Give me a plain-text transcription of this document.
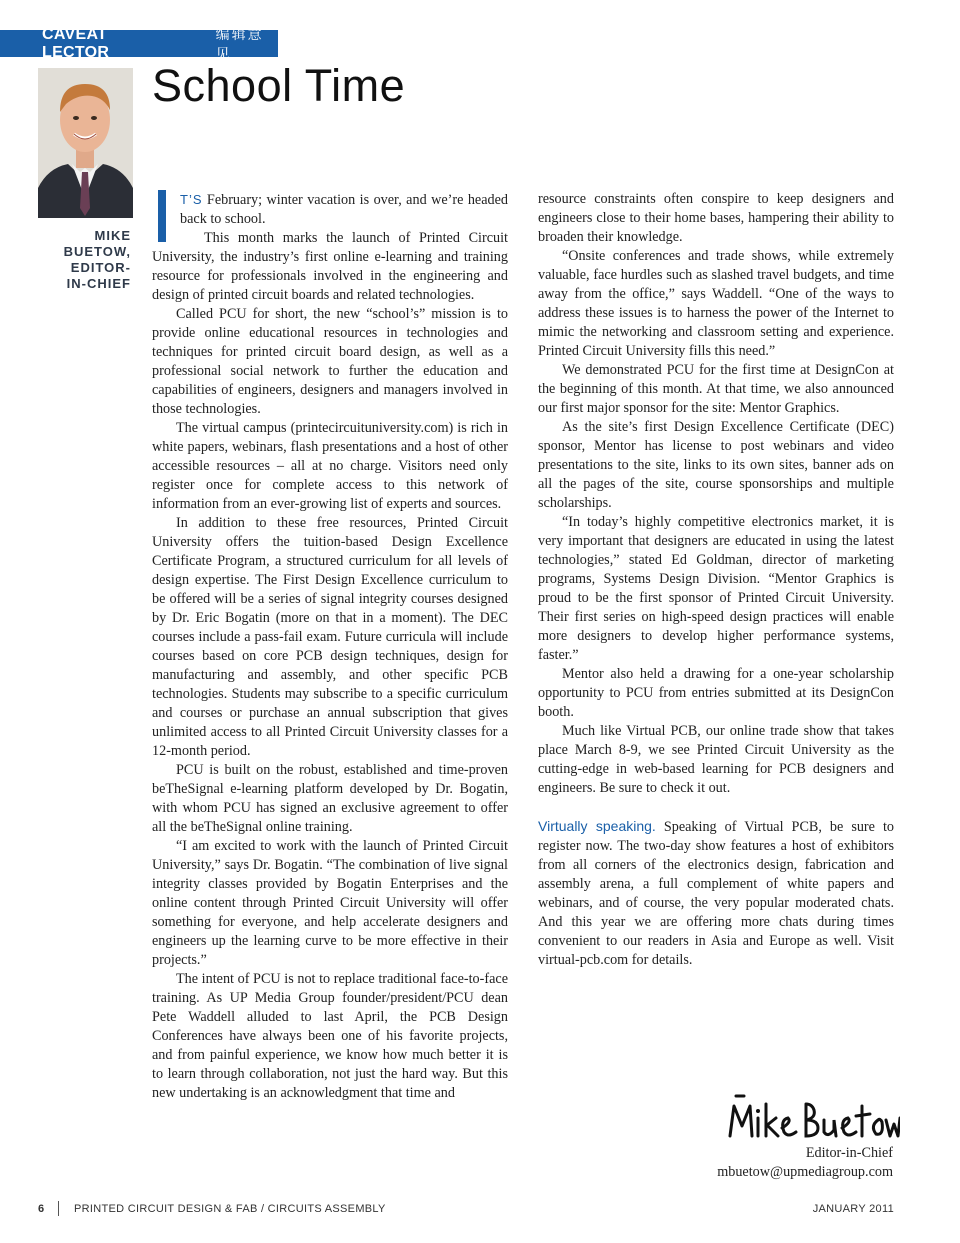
CAVEAT LECTOR
编辑意见
School Time
MIKE
BUETOW,
EDITOR-
IN-CHIEF

T’S February; winter vacation is over, and we’re headed back to school.

This month marks the launch of Printed Circuit University, the industry’s first online e-learning and training resource for professionals involved in the engineering and design of printed circuit boards and related technologies.

Called PCU for short, the new “school’s” mission is to provide online educational resources in technologies and techniques for printed circuit board design, as well as a professional social network to further the education and capabilities of engineers, designers and managers involved in those technologies.

The virtual campus (printecircuituniversity.com) is rich in white papers, webinars, flash presentations and a host of other accessible resources – all at no charge. Visitors need only register once for complete access to this network of information from an ever-growing list of experts and sources.

In addition to these free resources, Printed Circuit University offers the tuition-based Design Excellence Certificate Program, a structured curriculum for all levels of design expertise. The First Design Excellence curriculum to be offered will be a series of signal integrity courses designed by Dr. Eric Bogatin (more on that in a moment). The DEC courses include a pass-fail exam. Future curricula will include courses based on core PCB design techniques, design for manufacturing and assembly, and other specific PCB technologies. Students may subscribe to a specific curriculum and courses or purchase an annual subscription that gives unlimited access to all Printed Circuit University classes for a 12-month period.

PCU is built on the robust, established and time-proven beTheSignal e-learning platform developed by Dr. Bogatin, with whom PCU has signed an exclusive agreement to offer all the beTheSignal online training.

“I am excited to work with the launch of Printed Circuit University,” says Dr. Bogatin. “The combination of live signal integrity classes provided by Bogatin Enterprises and the online content through Printed Circuit University will offer something for everyone, and help accelerate designers and engineers up the learning curve to be more effective in their projects.”

The intent of PCU is not to replace traditional face-to-face training. As UP Media Group founder/president/PCU dean Pete Waddell alluded to last April, the PCB Design Conferences have always been one of his favorite projects, and from painful experience, we know how much better it is to learn through collaboration, not just the hard way. But this new undertaking is an acknowledgment that time and

resource constraints often conspire to keep designers and engineers close to their home bases, hampering their ability to broaden their knowledge.

“Onsite conferences and trade shows, while extremely valuable, face hurdles such as slashed travel budgets, and time away from the office,” says Waddell. “One of the ways to address these issues is to harness the power of the Internet to mimic the networking and classroom setting and experience. Printed Circuit University fills this need.”

We demonstrated PCU for the first time at DesignCon at the beginning of this month. At that time, we also announced our first major sponsor for the site: Mentor Graphics.

As the site’s first Design Excellence Certificate (DEC) sponsor, Mentor has license to post webinars and video presentations to the site, links to its own sites, banner ads on all the pages of the site, course sponsorships and multiple scholarships.

“In today’s highly competitive electronics market, it is very important that designers are educated in using the latest technologies,” stated Ed Goldman, director of marketing programs, Systems Design Division. “Mentor Graphics is proud to be the first sponsor of Printed Circuit University. Their first series on high-speed design practices will enable more designers to develop higher performance systems, faster.”

Mentor also held a drawing for a one-year scholarship opportunity to PCU from entries submitted at its DesignCon booth.

Much like Virtual PCB, our online trade show that takes place March 8-9, we see Printed Circuit University as the cutting-edge in web-based learning for PCB designers and engineers. Be sure to check it out.

Virtually speaking. Speaking of Virtual PCB, be sure to register now. The two-day show features a host of exhibitors from all corners of the electronics design, fabrication and assembly arena, a full complement of white papers and webinars, and of course, the very popular moderated chats. And this year we are offering more chats during times convenient to our readers in Asia and Europe as well. Visit virtual-pcb.com for details.

Editor-in-Chief
mbuetow@upmediagroup.com
6	PRINTED CIRCUIT DESIGN & FAB / CIRCUITS ASSEMBLY	JANUARY 2011
